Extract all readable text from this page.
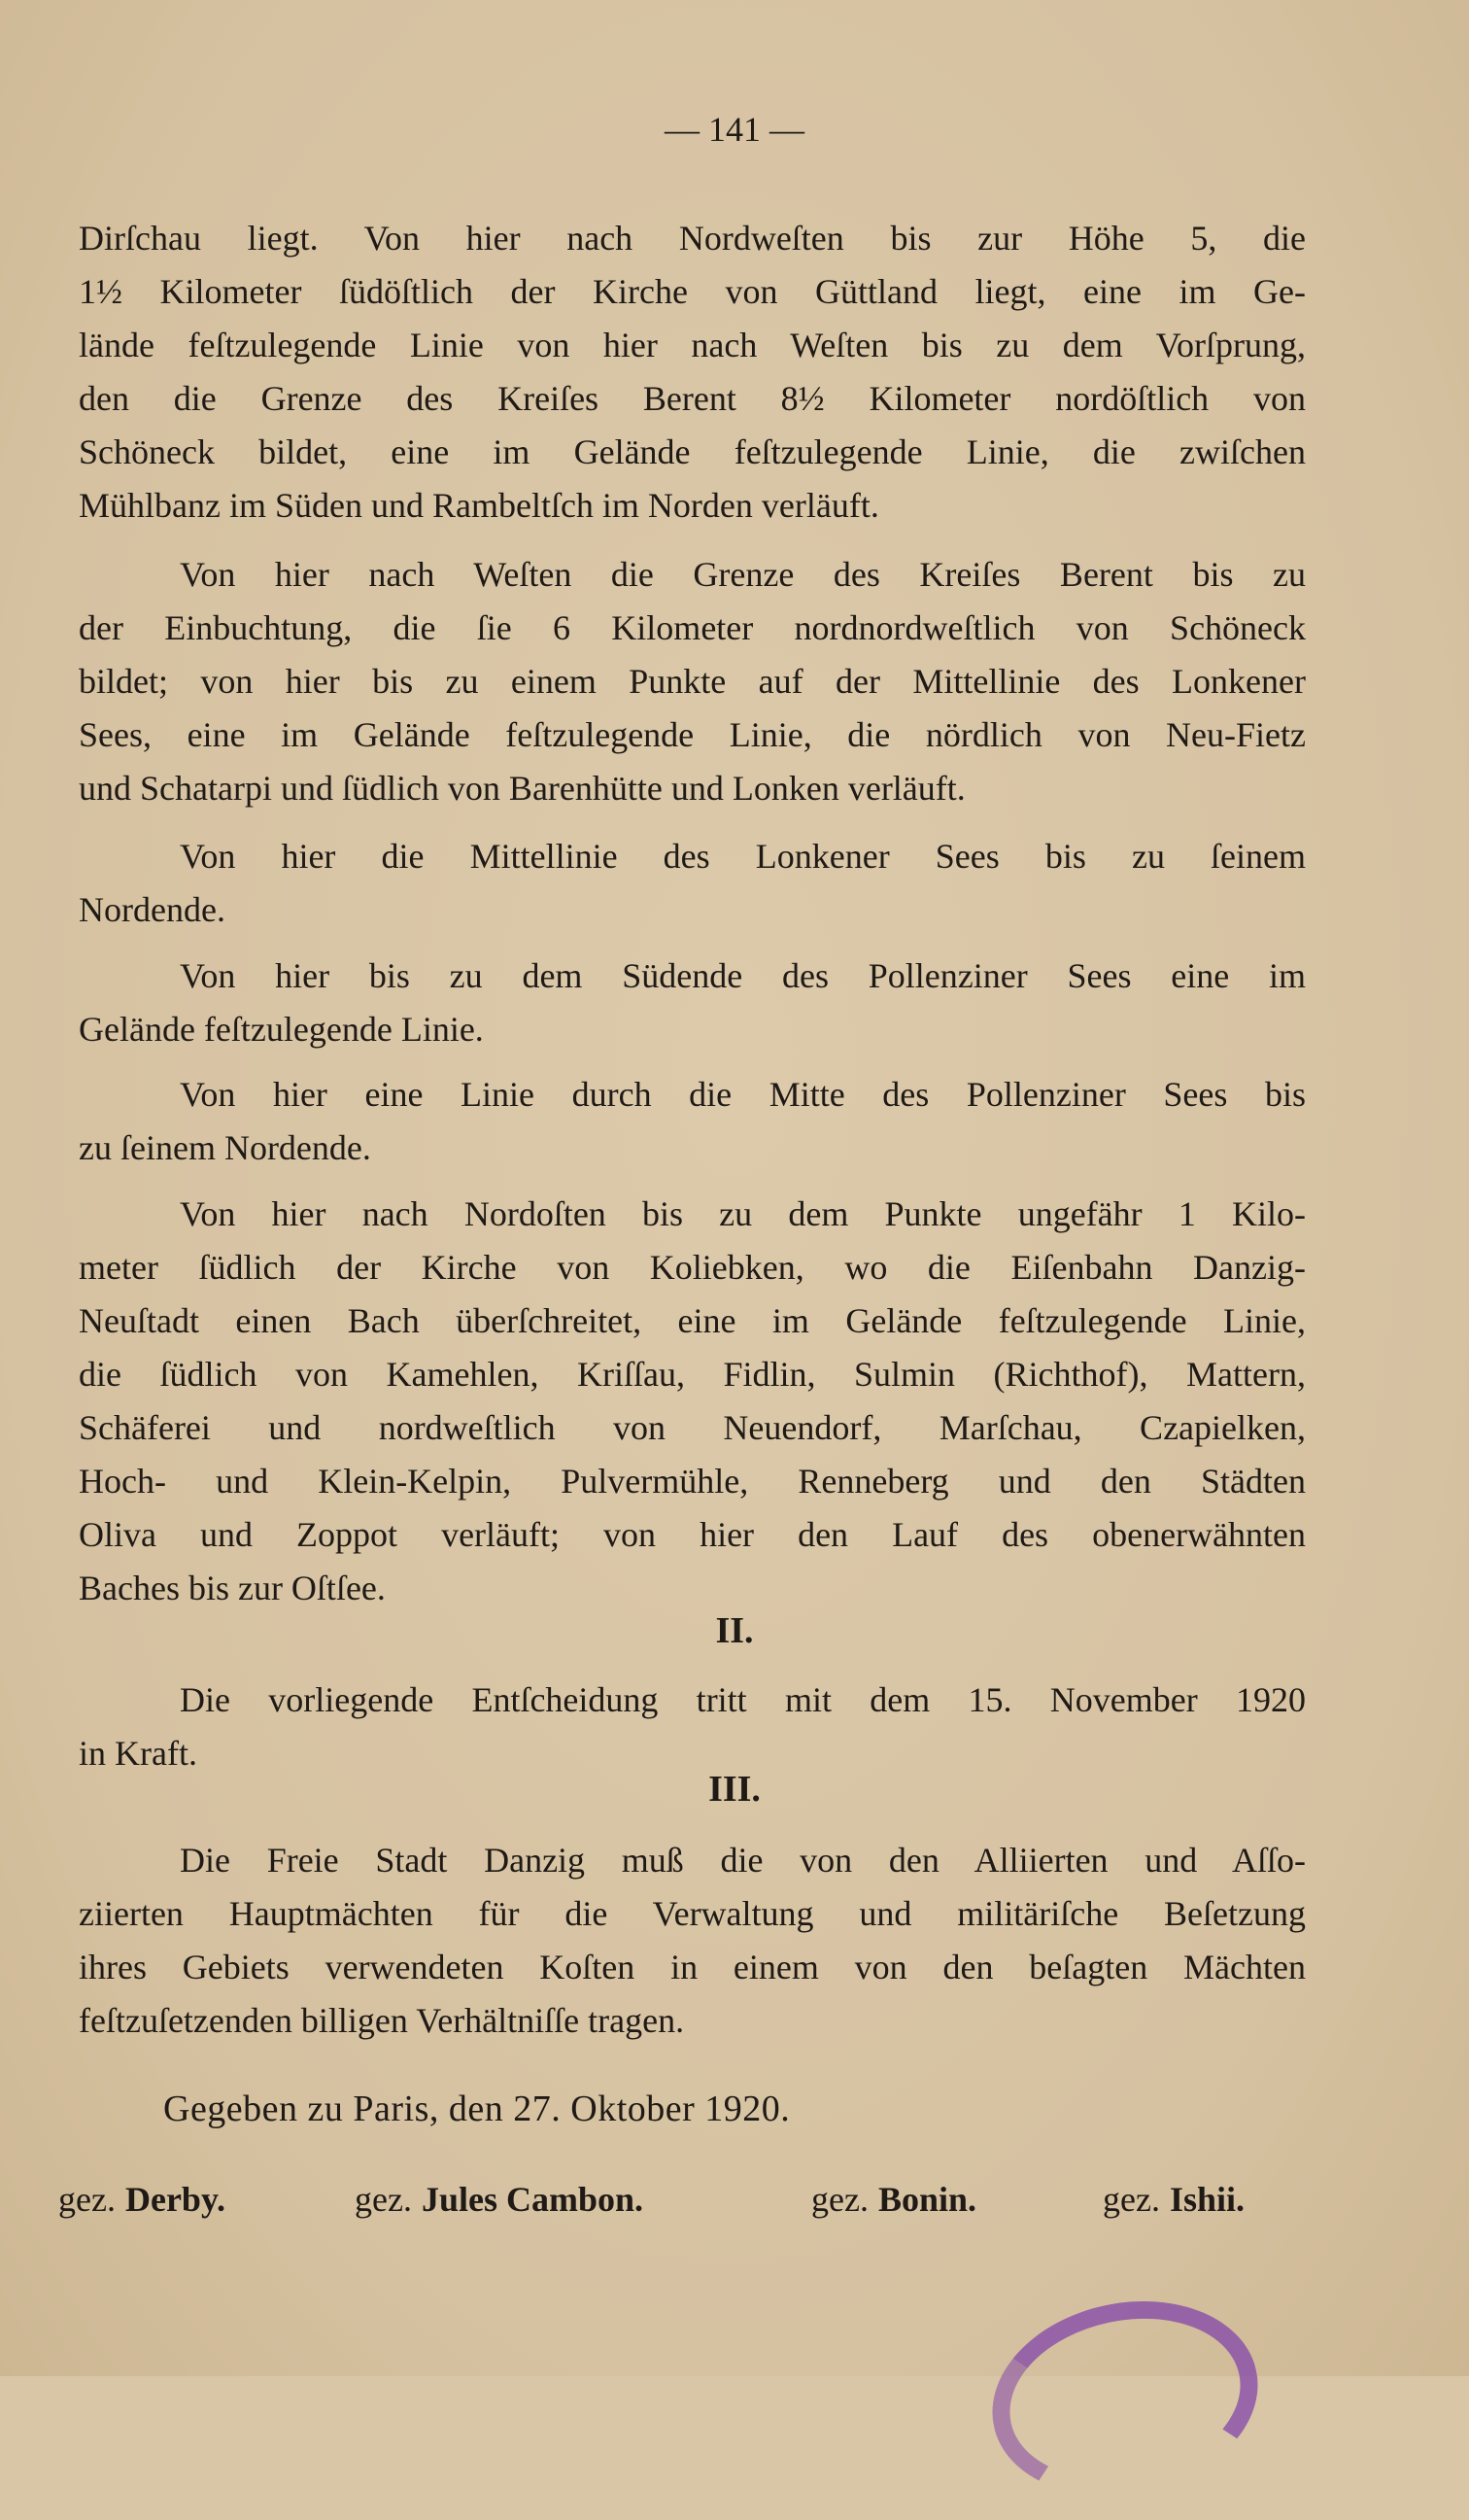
— 141 —
Dirſchau liegt. Von hier nach Nordweſten bis zur Höhe 5, die
1½ Kilometer ſüdöſtlich der Kirche von Güttland liegt, eine im Ge-
lände feſtzulegende Linie von hier nach Weſten bis zu dem Vorſprung,
den die Grenze des Kreiſes Berent 8½ Kilometer nordöſtlich von
Schöneck bildet, eine im Gelände feſtzulegende Linie, die zwiſchen
Mühlbanz im Süden und Rambeltſch im Norden verläuft.
Von hier nach Weſten die Grenze des Kreiſes Berent bis zu
der Einbuchtung, die ſie 6 Kilometer nordnordweſtlich von Schöneck
bildet; von hier bis zu einem Punkte auf der Mittellinie des Lonkener
Sees, eine im Gelände feſtzulegende Linie, die nördlich von Neu-Fietz
und Schatarpi und ſüdlich von Barenhütte und Lonken verläuft.
Von hier die Mittellinie des Lonkener Sees bis zu ſeinem
Nordende.
Von hier bis zu dem Südende des Pollenziner Sees eine im
Gelände feſtzulegende Linie.
Von hier eine Linie durch die Mitte des Pollenziner Sees bis
zu ſeinem Nordende.
Von hier nach Nordoſten bis zu dem Punkte ungefähr 1 Kilo-
meter ſüdlich der Kirche von Koliebken, wo die Eiſenbahn Danzig-
Neuſtadt einen Bach überſchreitet, eine im Gelände feſtzulegende Linie,
die ſüdlich von Kamehlen, Kriſſau, Fidlin, Sulmin (Richthof), Mattern,
Schäferei und nordweſtlich von Neuendorf, Marſchau, Czapielken,
Hoch- und Klein-Kelpin, Pulvermühle, Renneberg und den Städten
Oliva und Zoppot verläuft; von hier den Lauf des obenerwähnten
Baches bis zur Oſtſee.
II.
Die vorliegende Entſcheidung tritt mit dem 15. November 1920
in Kraft.
III.
Die Freie Stadt Danzig muß die von den Alliierten und Aſſo-
ziierten Hauptmächten für die Verwaltung und militäriſche Beſetzung
ihres Gebiets verwendeten Koſten in einem von den beſagten Mächten
feſtzuſetzenden billigen Verhältniſſe tragen.
Gegeben zu Paris, den 27. Oktober 1920.
gez. Derby.	gez. Jules Cambon.	gez. Bonin.	gez. Ishii.
